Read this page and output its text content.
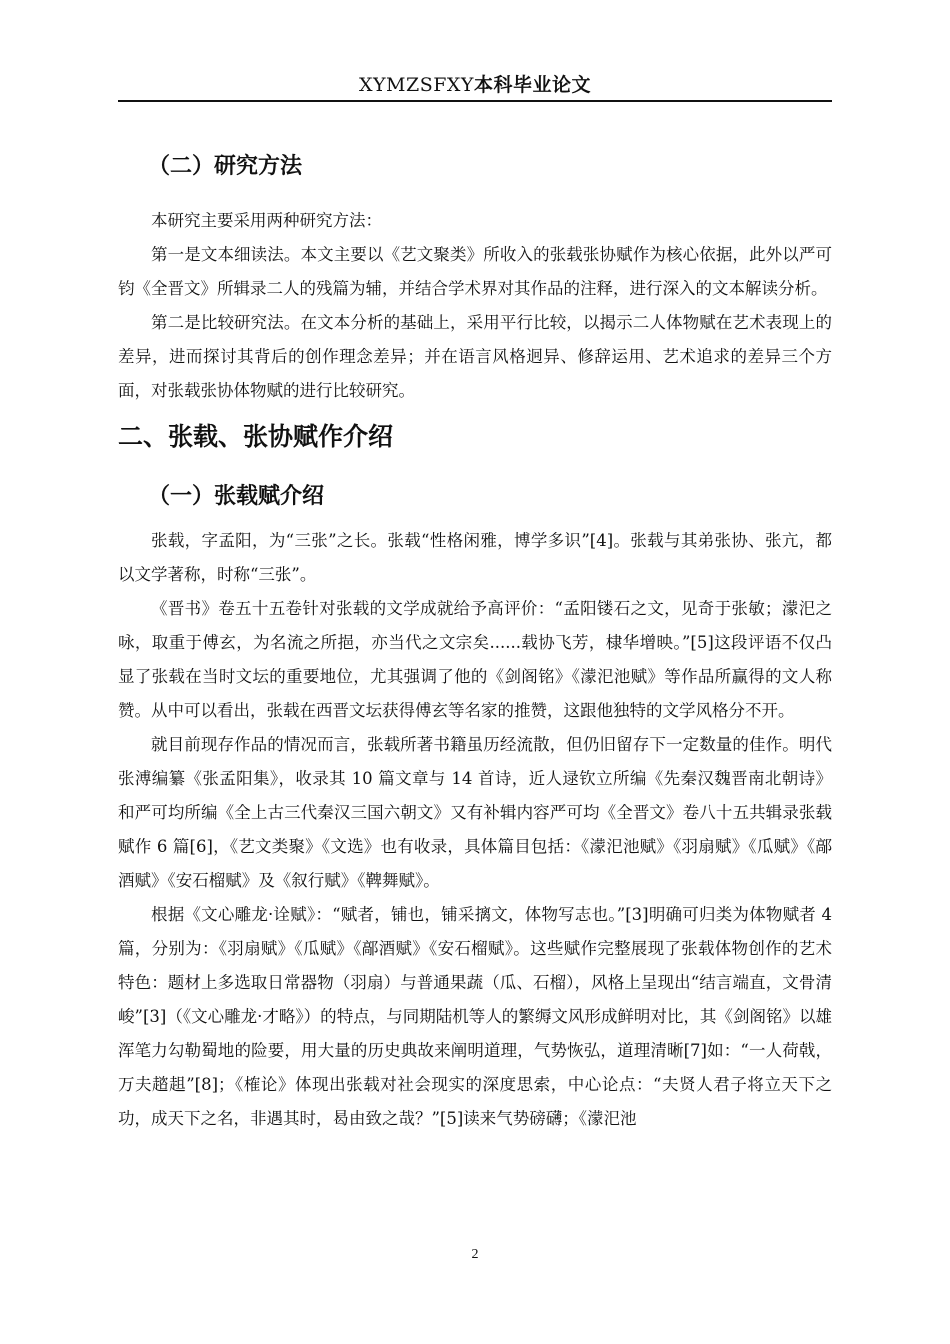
XYMZSFXY本科毕业论文
（二）研究方法

本研究主要采用两种研究方法：

第一是文本细读法。本文主要以《艺文聚类》所收入的张载张协赋作为核心依据，此外以严可钧《全晋文》所辑录二人的残篇为辅，并结合学术界对其作品的注释，进行深入的文本解读分析。

第二是比较研究法。在文本分析的基础上，采用平行比较，以揭示二人体物赋在艺术表现上的差异，进而探讨其背后的创作理念差异；并在语言风格迥异、修辞运用、艺术追求的差异三个方面，对张载张协体物赋的进行比较研究。

二、张载、张协赋作介绍
（一）张载赋介绍

张载，字孟阳，为“三张”之长。张载“性格闲雅，博学多识”[4]。张载与其弟张协、张亢，都以文学著称，时称“三张”。

《晋书》卷五十五卷针对张载的文学成就给予高评价：“孟阳镂石之文，见奇于张敏；濛汜之咏，取重于傅玄，为名流之所挹，亦当代之文宗矣......载协飞芳，棣华增映。”[5]这段评语不仅凸显了张载在当时文坛的重要地位，尤其强调了他的《剑阁铭》《濛汜池赋》等作品所赢得的文人称赞。从中可以看出，张载在西晋文坛获得傅玄等名家的推赞，这跟他独特的文学风格分不开。

就目前现存作品的情况而言，张载所著书籍虽历经流散，但仍旧留存下一定数量的佳作。明代张溥编纂《张孟阳集》，收录其 10 篇文章与 14 首诗，近人逯钦立所编《先秦汉魏晋南北朝诗》和严可均所编《全上古三代秦汉三国六朝文》又有补辑内容严可均《全晋文》卷八十五共辑录张载赋作 6 篇[6]，《艺文类聚》《文选》也有收录，具体篇目包括：《濛汜池赋》《羽扇赋》《瓜赋》《鄗酒赋》《安石榴赋》及《叙行赋》《鞞舞赋》。

根据《文心雕龙·诠赋》：“赋者，铺也，铺采摛文，体物写志也。”[3]明确可归类为体物赋者 4 篇，分别为：《羽扇赋》《瓜赋》《鄗酒赋》《安石榴赋》。这些赋作完整展现了张载体物创作的艺术特色：题材上多选取日常器物（羽扇）与普通果蔬（瓜、石榴），风格上呈现出“结言端直，文骨清峻”[3]（《文心雕龙·才略》）的特点，与同期陆机等人的繁缛文风形成鲜明对比，其《剑阁铭》以雄浑笔力勾勒蜀地的险要，用大量的历史典故来阐明道理，气势恢弘，道理清晰[7]如：“一人荷戟，万夫趦趄”[8]；《榷论》体现出张载对社会现实的深度思索，中心论点：“夫贤人君子将立天下之功，成天下之名，非遇其时，曷由致之哉？”[5]读来气势磅礴；《濛汜池

2
